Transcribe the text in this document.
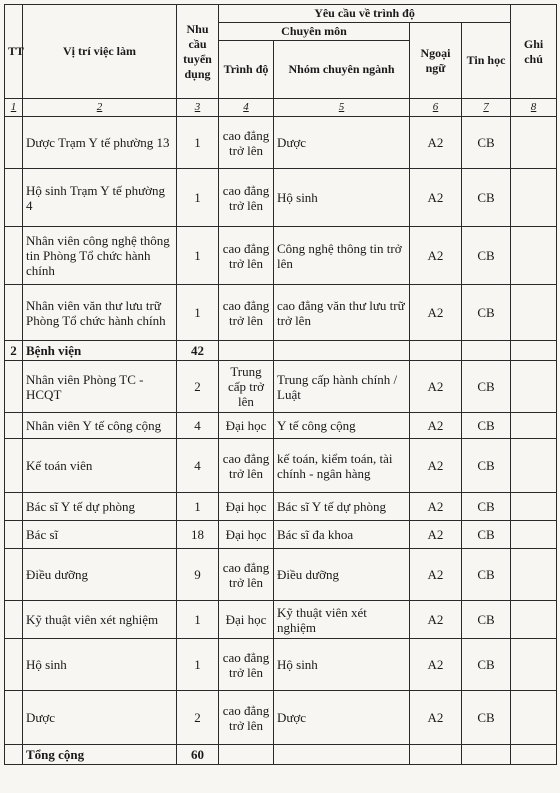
TT	Vị trí việc làm	Nhu cầu tuyển dụng	Yêu cầu về trình độ				Ghi chú
			Chuyên môn		Ngoại ngữ	Tin học	
			Trình độ	Nhóm chuyên ngành			
1	2	3	4	5	6	7	8
	Dược Trạm Y tế phường 13	1	cao đẳng trở lên	Dược	A2	CB	
	Hộ sinh Trạm Y tế phường 4	1	cao đẳng trở lên	Hộ sinh	A2	CB	
	Nhân viên công nghệ thông tin Phòng Tổ chức hành chính	1	cao đẳng trở lên	Công nghệ thông tin trở lên	A2	CB	
	Nhân viên văn thư lưu trữ Phòng Tổ chức hành chính	1	cao đẳng trở lên	cao đẳng văn thư lưu trữ trở lên	A2	CB	
2	Bệnh viện	42					
	Nhân viên Phòng TC - HCQT	2	Trung cấp trở lên	Trung cấp hành chính / Luật	A2	CB	
	Nhân viên Y tế công cộng	4	Đại học	Y tế công cộng	A2	CB	
	Kế toán viên	4	cao đẳng trở lên	kế toán, kiểm toán, tài chính - ngân hàng	A2	CB	
	Bác sĩ Y tế dự phòng	1	Đại học	Bác sĩ Y tế dự phòng	A2	CB	
	Bác sĩ	18	Đại học	Bác sĩ đa khoa	A2	CB	
	Điều dưỡng	9	cao đẳng trở lên	Điều dưỡng	A2	CB	
	Kỹ thuật viên xét nghiệm	1	Đại học	Kỹ thuật viên xét nghiệm	A2	CB	
	Hộ sinh	1	cao đẳng trở lên	Hộ sinh	A2	CB	
	Dược	2	cao đẳng trở lên	Dược	A2	CB	
	Tổng cộng	60					
